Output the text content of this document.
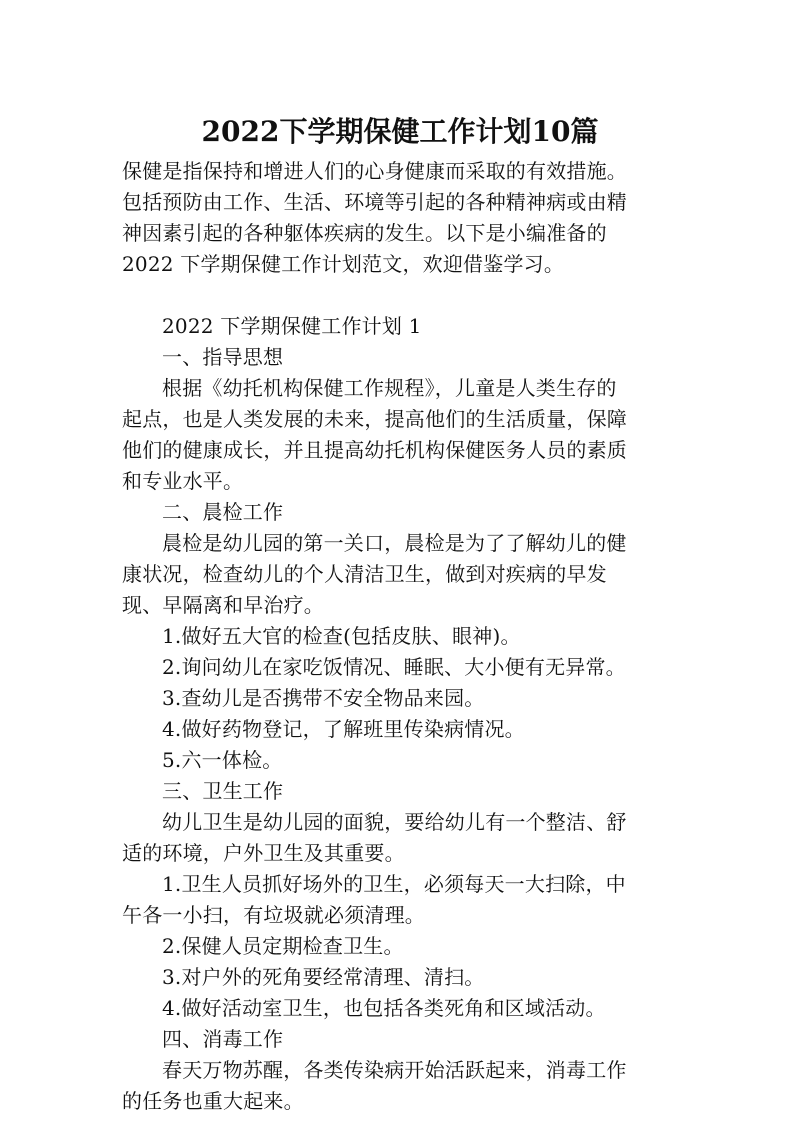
2022下学期保健工作计划10篇
保健是指保持和增进人们的心身健康而采取的有效措施。
包括预防由工作、生活、环境等引起的各种精神病或由精
神因素引起的各种躯体疾病的发生。以下是小编准备的
2022 下学期保健工作计划范文，欢迎借鉴学习。
2022 下学期保健工作计划 1
一、指导思想
根据《幼托机构保健工作规程》，儿童是人类生存的
起点，也是人类发展的未来，提高他们的生活质量，保障
他们的健康成长，并且提高幼托机构保健医务人员的素质
和专业水平。
二、晨检工作
晨检是幼儿园的第一关口，晨检是为了了解幼儿的健
康状况，检查幼儿的个人清洁卫生，做到对疾病的早发
现、早隔离和早治疗。
1.做好五大官的检查(包括皮肤、眼神)。
2.询问幼儿在家吃饭情况、睡眠、大小便有无异常。
3.查幼儿是否携带不安全物品来园。
4.做好药物登记，了解班里传染病情况。
5.六一体检。
三、卫生工作
幼儿卫生是幼儿园的面貌，要给幼儿有一个整洁、舒
适的环境，户外卫生及其重要。
1.卫生人员抓好场外的卫生，必须每天一大扫除，中
午各一小扫，有垃圾就必须清理。
2.保健人员定期检查卫生。
3.对户外的死角要经常清理、清扫。
4.做好活动室卫生，也包括各类死角和区域活动。
四、消毒工作
春天万物苏醒，各类传染病开始活跃起来，消毒工作
的任务也重大起来。
